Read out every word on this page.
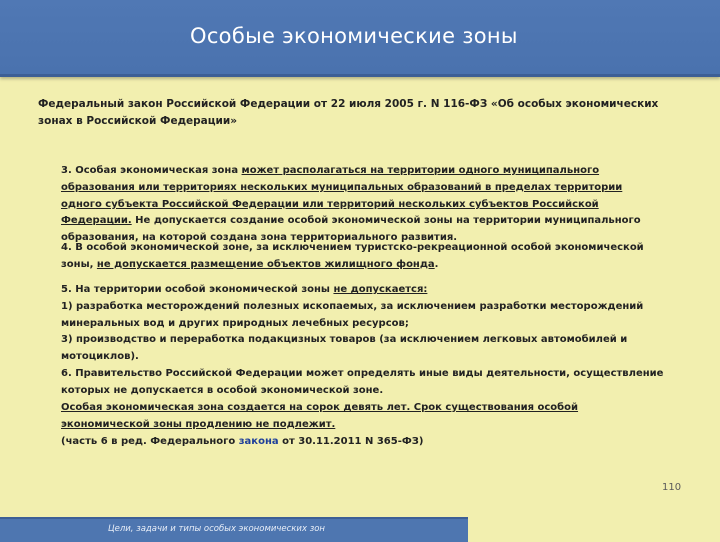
Особые экономические зоны
Федеральный закон Российской Федерации от 22 июля 2005 г. N 116-ФЗ «Об особых экономических зонах в Российской Федерации»
3. Особая экономическая зона может располагаться на территории одного муниципального образования или территориях нескольких муниципальных образований в пределах территории одного субъекта Российской Федерации или территорий нескольких субъектов Российской Федерации. Не допускается создание особой экономической зоны на территории муниципального образования, на которой создана зона территориального развития.
4. В особой экономической зоне, за исключением туристско-рекреационной особой экономической зоны, не допускается размещение объектов жилищного фонда.
5. На территории особой экономической зоны не допускается:
1) разработка месторождений полезных ископаемых, за исключением разработки месторождений минеральных вод и других природных лечебных ресурсов;
3) производство и переработка подакцизных товаров (за исключением легковых автомобилей и мотоциклов).
6. Правительство Российской Федерации может определять иные виды деятельности, осуществление которых не допускается в особой экономической зоне.
Особая экономическая зона создается на сорок девять лет. Срок существования особой экономической зоны продлению не подлежит.
(часть 6 в ред. Федерального закона от 30.11.2011 N 365-ФЗ)
110
Цели, задачи и типы особых экономических зон
